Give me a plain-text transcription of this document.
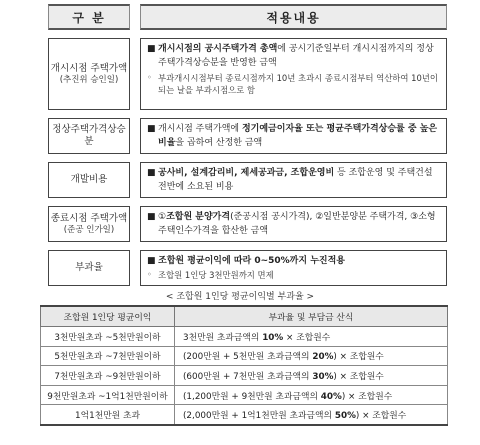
구 분	적용내용
개시시점 주택가액
(추진위 승인일)
■ 개시시점의 공시주택가격 총액에 공시기준일부터 개시시점까지의 정상주택가격상승분을 반영한 금액
◦ 부과개시시점부터 종료시점까지 10년 초과시 종료시점부터 역산하여 10년이 되는 날을 부과시점으로 함
정상주택가격상승분
■ 개시시점 주택가액에 정기예금이자율 또는 평균주택가격상승률 중 높은 비율을 곱하여 산정한 금액
개발비용
■ 공사비, 설계감리비, 제세공과금, 조합운영비 등 조합운영 및 주택건설 전반에 소요된 비용
종료시점 주택가액
(준공 인가일)
■ ①조합원 분양가격(준공시점 공시가격), ②일반분양분 주택가격, ③소형주택인수가격을 합산한 금액
부과율
■ 조합원 평균이익에 따라 0~50%까지 누진적용
◦ 조합원 1인당 3천만원까지 면제
< 조합원 1인당 평균이익별 부과율 >
조합원 1인당 평균이익	부과율 및 부담금 산식
3천만원초과 ~5천만원이하	3천만원 초과금액의 10% × 조합원수
5천만원초과 ~7천만원이하	(200만원 + 5천만원 초과금액의 20%) × 조합원수
7천만원초과 ~9천만원이하	(600만원 + 7천만원 초과금액의 30%) × 조합원수
9천만원초과 ~1억1천만원이하	(1,200만원 + 9천만원 초과금액의 40%) × 조합원수
1억1천만원 초과	(2,000만원 + 1억1천만원 초과금액의 50%) × 조합원수
